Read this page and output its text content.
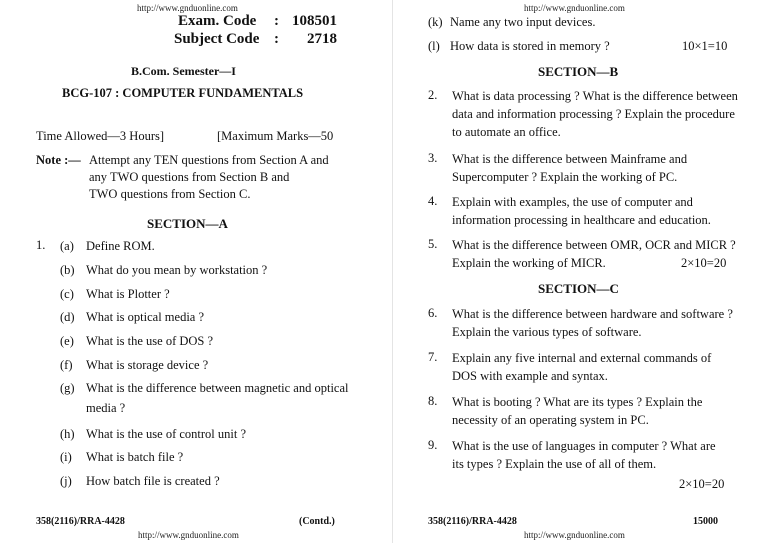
http://www.gnduonline.com
Exam. Code : 108501
Subject Code : 2718
B.Com. Semester—I
BCG-107 : COMPUTER FUNDAMENTALS
Time Allowed—3 Hours]	[Maximum Marks—50
Note :— Attempt any TEN questions from Section A and
any TWO questions from Section B and
TWO questions from Section C.
SECTION—A
1. (a) Define ROM.
(b) What do you mean by workstation ?
(c) What is Plotter ?
(d) What is optical media ?
(e) What is the use of DOS ?
(f) What is storage device ?
(g) What is the difference between magnetic and optical
media ?
(h) What is the use of control unit ?
(i) What is batch file ?
(j) How batch file is created ?
358(2116)/RRA-4428	(Contd.)
http://www.gnduonline.com
http://www.gnduonline.com
(k) Name any two input devices.
(l) How data is stored in memory ?	10×1=10
SECTION—B
2. What is data processing ? What is the difference between
data and information processing ? Explain the procedure
to automate an office.
3. What is the difference between Mainframe and
Supercomputer ? Explain the working of PC.
4. Explain with examples, the use of computer and
information processing in healthcare and education.
5. What is the difference between OMR, OCR and MICR ?
Explain the working of MICR.	2×10=20
SECTION—C
6. What is the difference between hardware and software ?
Explain the various types of software.
7. Explain any five internal and external commands of
DOS with example and syntax.
8. What is booting ? What are its types ? Explain the
necessity of an operating system in PC.
9. What is the use of languages in computer ? What are
its types ? Explain the use of all of them.
2×10=20
358(2116)/RRA-4428	15000
http://www.gnduonline.com
